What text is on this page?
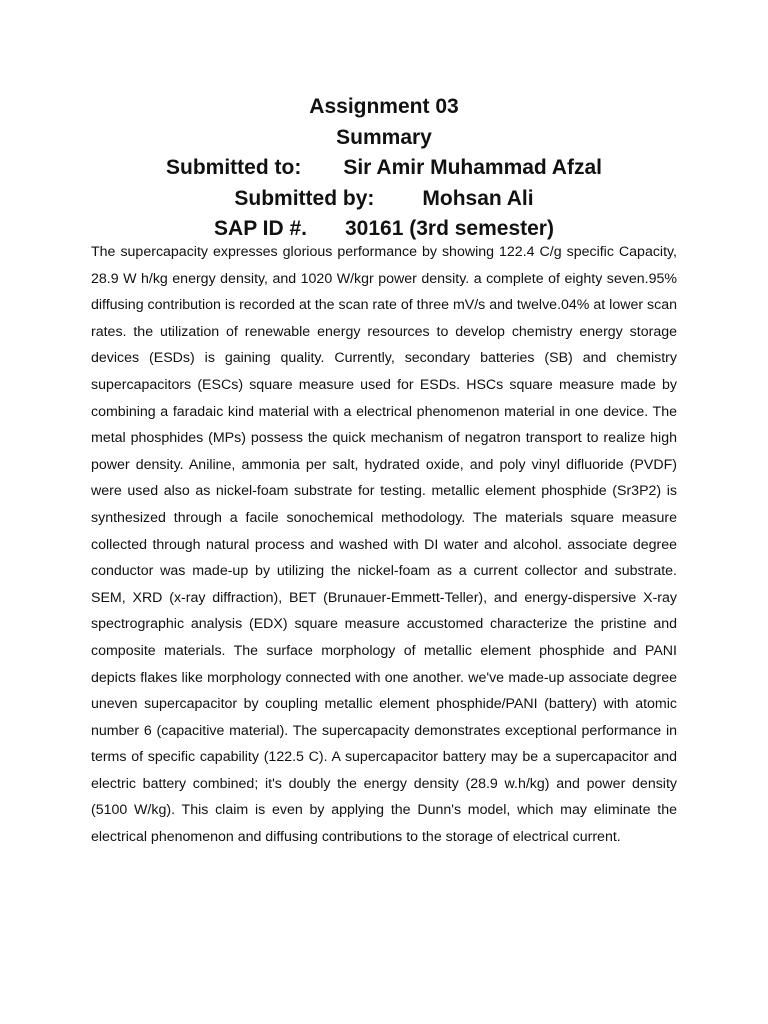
Assignment 03
Summary
Submitted to: Sir Amir Muhammad Afzal
Submitted by: Mohsan Ali
SAP ID #. 30161 (3rd semester)

The supercapacity expresses glorious performance by showing 122.4 C/g specific Capacity, 28.9 W h/kg energy density, and 1020 W/kgr power density. a complete of eighty seven.95% diffusing contribution is recorded at the scan rate of three mV/s and twelve.04% at lower scan rates. the utilization of renewable energy resources to develop chemistry energy storage devices (ESDs) is gaining quality. Currently, secondary batteries (SB) and chemistry supercapacitors (ESCs) square measure used for ESDs. HSCs square measure made by combining a faradaic kind material with a electrical phenomenon material in one device. The metal phosphides (MPs) possess the quick mechanism of negatron transport to realize high power density. Aniline, ammonia per salt, hydrated oxide, and poly vinyl difluoride (PVDF) were used also as nickel-foam substrate for testing. metallic element phosphide (Sr3P2) is synthesized through a facile sonochemical methodology. The materials square measure collected through natural process and washed with DI water and alcohol. associate degree conductor was made-up by utilizing the nickel-foam as a current collector and substrate. SEM, XRD (x-ray diffraction), BET (Brunauer-Emmett-Teller), and energy-dispersive X-ray spectrographic analysis (EDX) square measure accustomed characterize the pristine and composite materials. The surface morphology of metallic element phosphide and PANI depicts flakes like morphology connected with one another. we've made-up associate degree uneven supercapacitor by coupling metallic element phosphide/PANI (battery) with atomic number 6 (capacitive material). The supercapacity demonstrates exceptional performance in terms of specific capability (122.5 C). A supercapacitor battery may be a supercapacitor and electric battery combined; it's doubly the energy density (28.9 w.h/kg) and power density (5100 W/kg). This claim is even by applying the Dunn's model, which may eliminate the electrical phenomenon and diffusing contributions to the storage of electrical current.
